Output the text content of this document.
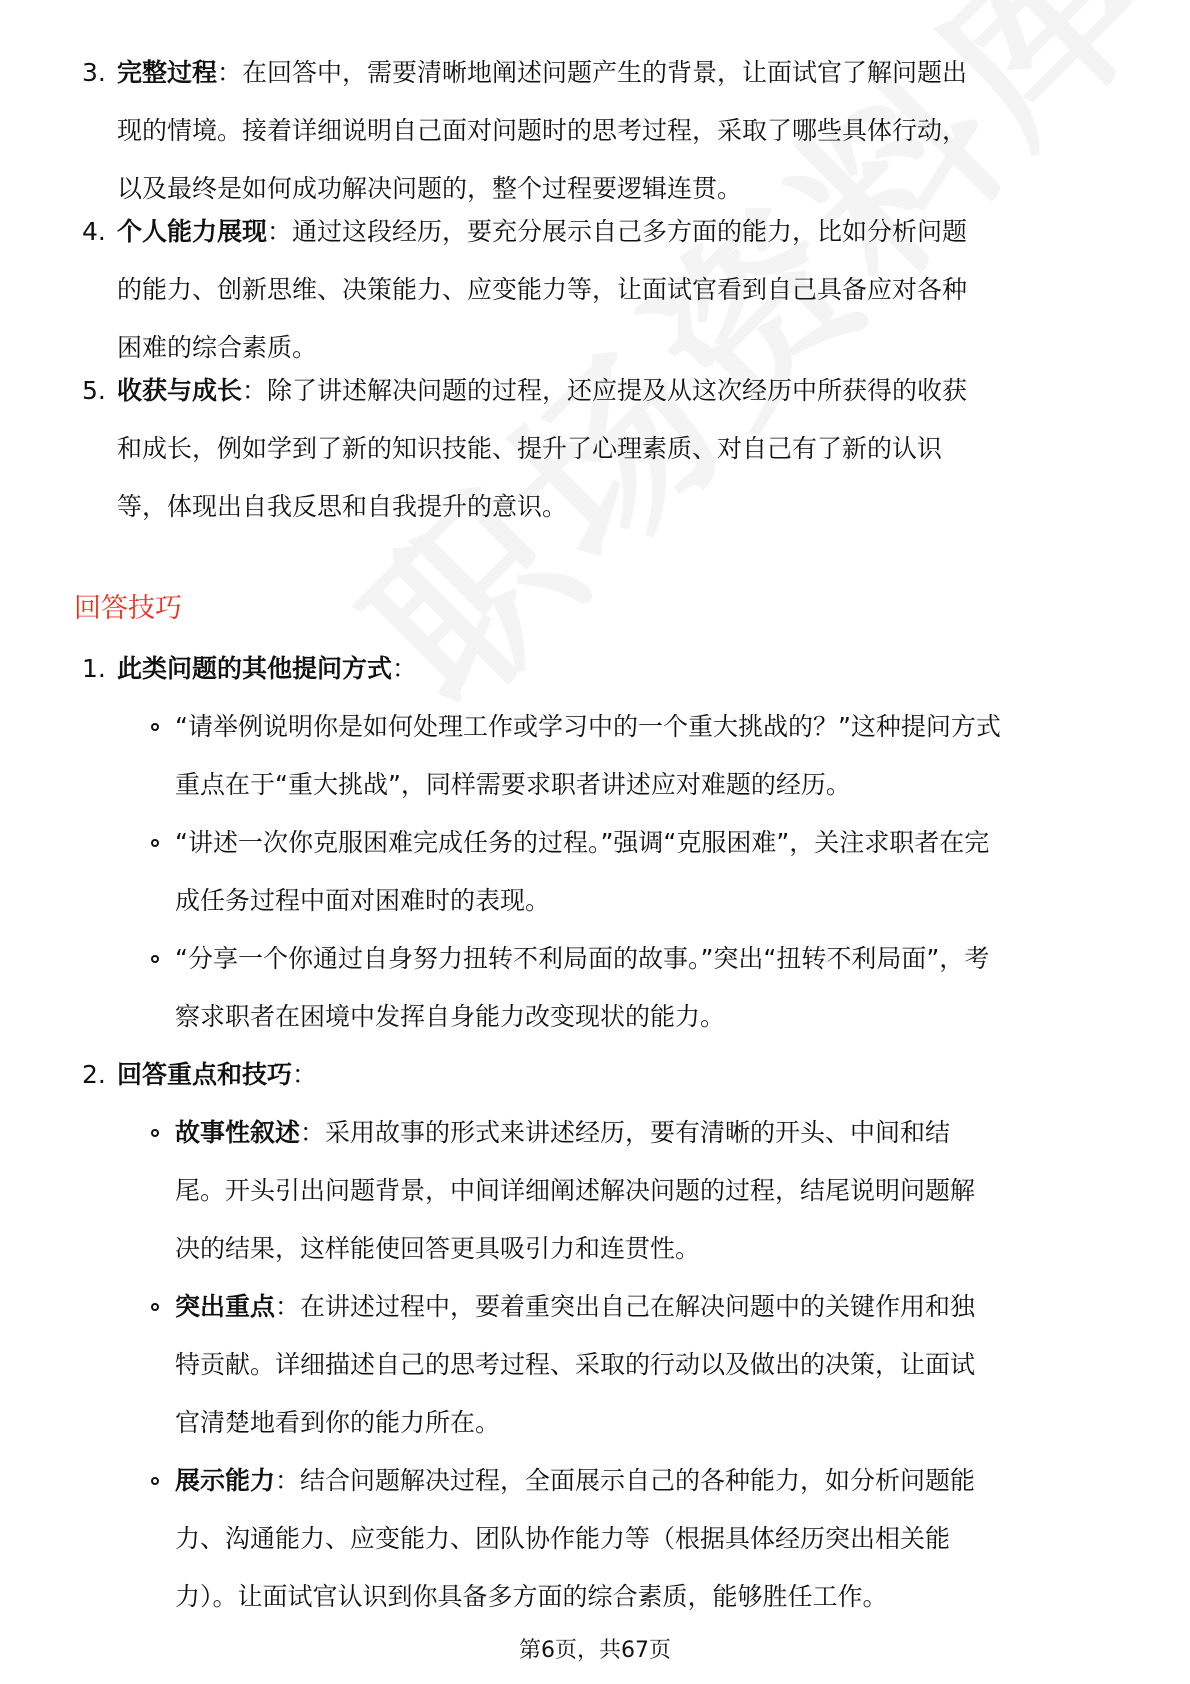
3. 完整过程：在回答中，需要清晰地阐述问题产生的背景，让面试官了解问题出
现的情境。接着详细说明自己面对问题时的思考过程，采取了哪些具体行动，
以及最终是如何成功解决问题的，整个过程要逻辑连贯。
4. 个人能力展现：通过这段经历，要充分展示自己多方面的能力，比如分析问题
的能力、创新思维、决策能力、应变能力等，让面试官看到自己具备应对各种
困难的综合素质。
5. 收获与成长：除了讲述解决问题的过程，还应提及从这次经历中所获得的收获
和成长，例如学到了新的知识技能、提升了心理素质、对自己有了新的认识
等，体现出自我反思和自我提升的意识。
回答技巧
1. 此类问题的其他提问方式：
“请举例说明你是如何处理工作或学习中的一个重大挑战的？”这种提问方式
重点在于“重大挑战”，同样需要求职者讲述应对难题的经历。
“讲述一次你克服困难完成任务的过程。”强调“克服困难”，关注求职者在完
成任务过程中面对困难时的表现。
“分享一个你通过自身努力扭转不利局面的故事。”突出“扭转不利局面”，考
察求职者在困境中发挥自身能力改变现状的能力。
2. 回答重点和技巧：
故事性叙述：采用故事的形式来讲述经历，要有清晰的开头、中间和结
尾。开头引出问题背景，中间详细阐述解决问题的过程，结尾说明问题解
决的结果，这样能使回答更具吸引力和连贯性。
突出重点：在讲述过程中，要着重突出自己在解决问题中的关键作用和独
特贡献。详细描述自己的思考过程、采取的行动以及做出的决策，让面试
官清楚地看到你的能力所在。
展示能力：结合问题解决过程，全面展示自己的各种能力，如分析问题能
力、沟通能力、应变能力、团队协作能力等（根据具体经历突出相关能
力）。让面试官认识到你具备多方面的综合素质，能够胜任工作。
第6页，共67页
